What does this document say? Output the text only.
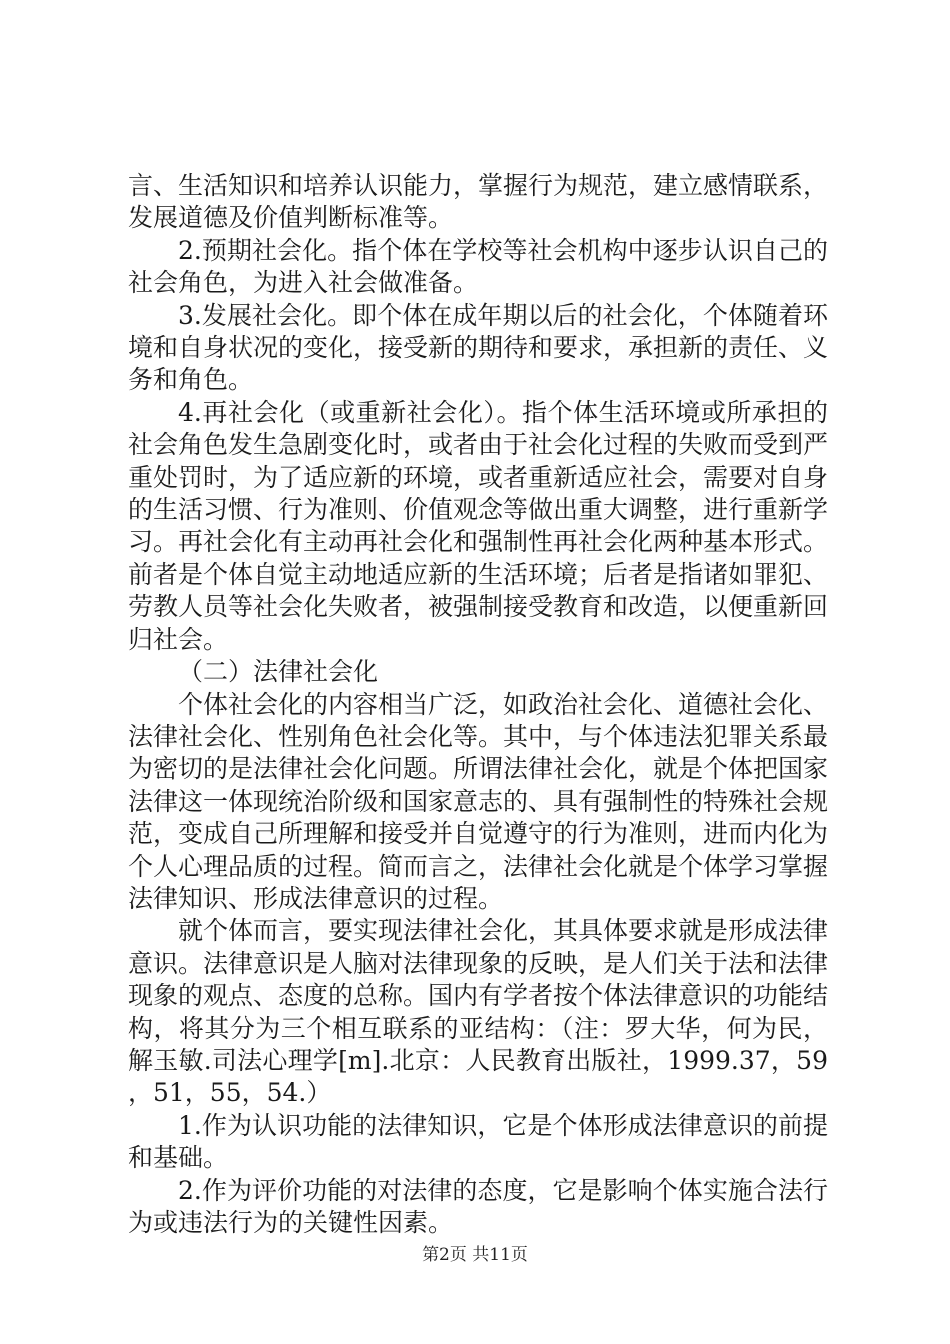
言、生活知识和培养认识能力，掌握行为规范，建立感情联系，发展道德及价值判断标准等。

2.预期社会化。指个体在学校等社会机构中逐步认识自己的社会角色，为进入社会做准备。

3.发展社会化。即个体在成年期以后的社会化，个体随着环境和自身状况的变化，接受新的期待和要求，承担新的责任、义务和角色。

4.再社会化（或重新社会化）。指个体生活环境或所承担的社会角色发生急剧变化时，或者由于社会化过程的失败而受到严重处罚时，为了适应新的环境，或者重新适应社会，需要对自身的生活习惯、行为准则、价值观念等做出重大调整，进行重新学习。再社会化有主动再社会化和强制性再社会化两种基本形式。前者是个体自觉主动地适应新的生活环境；后者是指诸如罪犯、劳教人员等社会化失败者，被强制接受教育和改造，以便重新回归社会。

（二）法律社会化

个体社会化的内容相当广泛，如政治社会化、道德社会化、法律社会化、性别角色社会化等。其中，与个体违法犯罪关系最为密切的是法律社会化问题。所谓法律社会化，就是个体把国家法律这一体现统治阶级和国家意志的、具有强制性的特殊社会规范，变成自己所理解和接受并自觉遵守的行为准则，进而内化为个人心理品质的过程。简而言之，法律社会化就是个体学习掌握法律知识、形成法律意识的过程。

就个体而言，要实现法律社会化，其具体要求就是形成法律意识。法律意识是人脑对法律现象的反映，是人们关于法和法律现象的观点、态度的总称。国内有学者按个体法律意识的功能结构，将其分为三个相互联系的亚结构：（注：罗大华，何为民，解玉敏.司法心理学[m].北京：人民教育出版社，1999.37，59，51，55，54.）

1.作为认识功能的法律知识，它是个体形成法律意识的前提和基础。

2.作为评价功能的对法律的态度，它是影响个体实施合法行为或违法行为的关键性因素。

第2页 共11页
